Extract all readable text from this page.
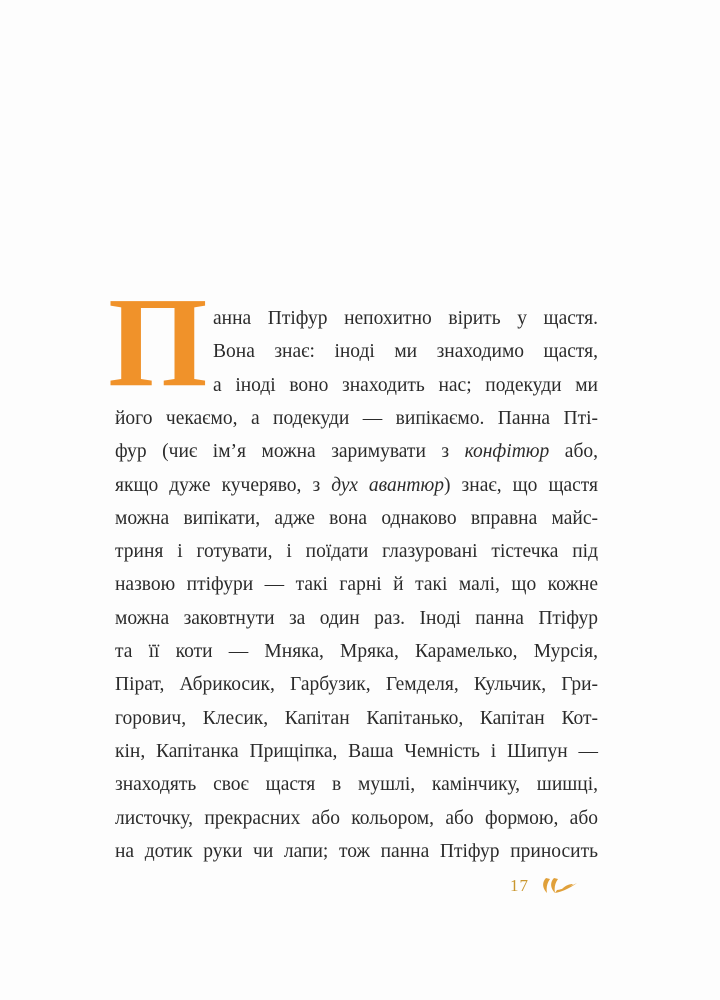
П анна Птіфур непохитно вірить у щастя.
Вона знає: іноді ми знаходимо щастя,
а іноді воно знаходить нас; подекуди ми
його чекаємо, а подекуди — випікаємо. Панна Пті-
фур (чиє ім’я можна заримувати з конфітюр або,
якщо дуже кучеряво, з дух авантюр) знає, що щастя
можна випікати, адже вона однаково вправна майс-
триня і готувати, і поїдати глазуровані тістечка під
назвою птіфури — такі гарні й такі малі, що кожне
можна заковтнути за один раз. Іноді панна Птіфур
та її коти — Мняка, Мряка, Карамелько, Мурсія,
Пірат, Абрикосик, Гарбузик, Гемделя, Кульчик, Гри-
горович, Клесик, Капітан Капітанько, Капітан Кот-
кін, Капітанка Прищіпка, Ваша Чемність і Шипун —
знаходять своє щастя в мушлі, камінчику, шишці,
листочку, прекрасних або кольором, або формою, або
на дотик руки чи лапи; тож панна Птіфур приносить
17
